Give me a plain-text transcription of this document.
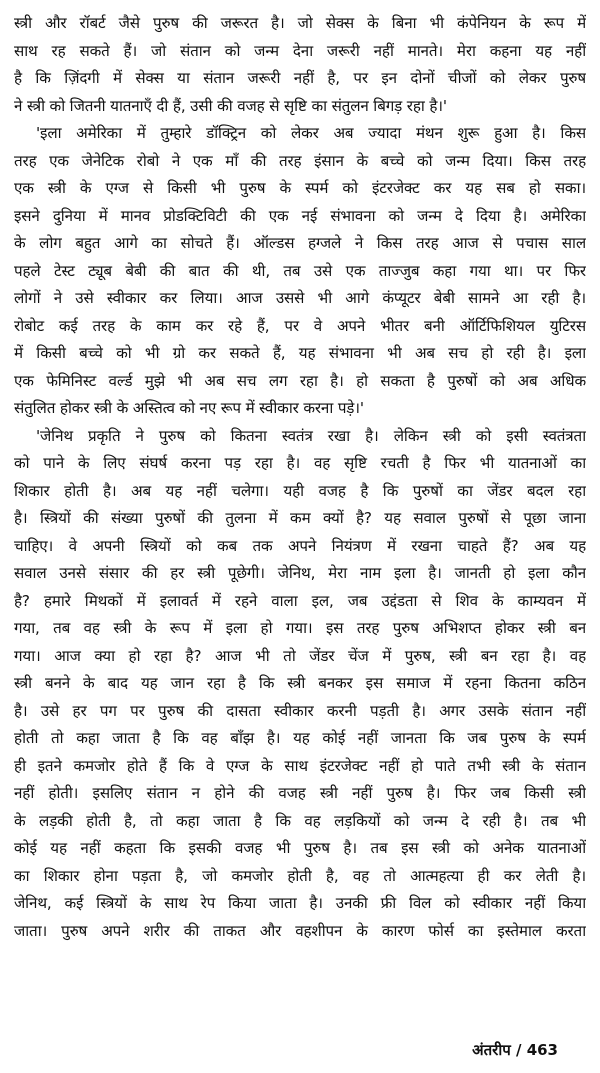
स्त्री और रॉबर्ट जैसे पुरुष की जरूरत है। जो सेक्स के बिना भी कंपेनियन के रूप में
साथ रह सकते हैं। जो संतान को जन्म देना जरूरी नहीं मानते। मेरा कहना यह नहीं
है कि ज़िंदगी में सेक्स या संतान जरूरी नहीं है, पर इन दोनों चीजों को लेकर पुरुष
ने स्त्री को जितनी यातनाएँ दी हैं, उसी की वजह से सृष्टि का संतुलन बिगड़ रहा है।'
'इला अमेरिका में तुम्हारे डॉक्ट्रिन को लेकर अब ज्यादा मंथन शुरू हुआ है। किस
तरह एक जेनेटिक रोबो ने एक माँ की तरह इंसान के बच्चे को जन्म दिया। किस तरह
एक स्त्री के एग्ज से किसी भी पुरुष के स्पर्म को इंटरजेक्ट कर यह सब हो सका।
इसने दुनिया में मानव प्रोडक्टिविटी की एक नई संभावना को जन्म दे दिया है। अमेरिका
के लोग बहुत आगे का सोचते हैं। ऑल्डस हग्जले ने किस तरह आज से पचास साल
पहले टेस्ट ट्यूब बेबी की बात की थी, तब उसे एक ताज्जुब कहा गया था। पर फिर
लोगों ने उसे स्वीकार कर लिया। आज उससे भी आगे कंप्यूटर बेबी सामने आ रही है।
रोबोट कई तरह के काम कर रहे हैं, पर वे अपने भीतर बनी ऑर्टिफिशियल युटिरस
में किसी बच्चे को भी ग्रो कर सकते हैं, यह संभावना भी अब सच हो रही है। इला
एक फेमिनिस्ट वर्ल्ड मुझे भी अब सच लग रहा है। हो सकता है पुरुषों को अब अधिक
संतुलित होकर स्त्री के अस्तित्व को नए रूप में स्वीकार करना पड़े।'
'जेनिथ प्रकृति ने पुरुष को कितना स्वतंत्र रखा है। लेकिन स्त्री को इसी स्वतंत्रता
को पाने के लिए संघर्ष करना पड़ रहा है। वह सृष्टि रचती है फिर भी यातनाओं का
शिकार होती है। अब यह नहीं चलेगा। यही वजह है कि पुरुषों का जेंडर बदल रहा
है। स्त्रियों की संख्या पुरुषों की तुलना में कम क्यों है? यह सवाल पुरुषों से पूछा जाना
चाहिए। वे अपनी स्त्रियों को कब तक अपने नियंत्रण में रखना चाहते हैं? अब यह
सवाल उनसे संसार की हर स्त्री पूछेगी। जेनिथ, मेरा नाम इला है। जानती हो इला कौन
है? हमारे मिथकों में इलावर्त में रहने वाला इल, जब उद्दंडता से शिव के काम्यवन में
गया, तब वह स्त्री के रूप में इला हो गया। इस तरह पुरुष अभिशप्त होकर स्त्री बन
गया। आज क्या हो रहा है? आज भी तो जेंडर चेंज में पुरुष, स्त्री बन रहा है। वह
स्त्री बनने के बाद यह जान रहा है कि स्त्री बनकर इस समाज में रहना कितना कठिन
है। उसे हर पग पर पुरुष की दासता स्वीकार करनी पड़ती है। अगर उसके संतान नहीं
होती तो कहा जाता है कि वह बाँझ है। यह कोई नहीं जानता कि जब पुरुष के स्पर्म
ही इतने कमजोर होते हैं कि वे एग्ज के साथ इंटरजेक्ट नहीं हो पाते तभी स्त्री के संतान
नहीं होती। इसलिए संतान न होने की वजह स्त्री नहीं पुरुष है। फिर जब किसी स्त्री
के लड़की होती है, तो कहा जाता है कि वह लड़कियों को जन्म दे रही है। तब भी
कोई यह नहीं कहता कि इसकी वजह भी पुरुष है। तब इस स्त्री को अनेक यातनाओं
का शिकार होना पड़ता है, जो कमजोर होती है, वह तो आत्महत्या ही कर लेती है।
जेनिथ, कई स्त्रियों के साथ रेप किया जाता है। उनकी फ्री विल को स्वीकार नहीं किया
जाता। पुरुष अपने शरीर की ताकत और वहशीपन के कारण फोर्स का इस्तेमाल करता
अंतरीप / 463
